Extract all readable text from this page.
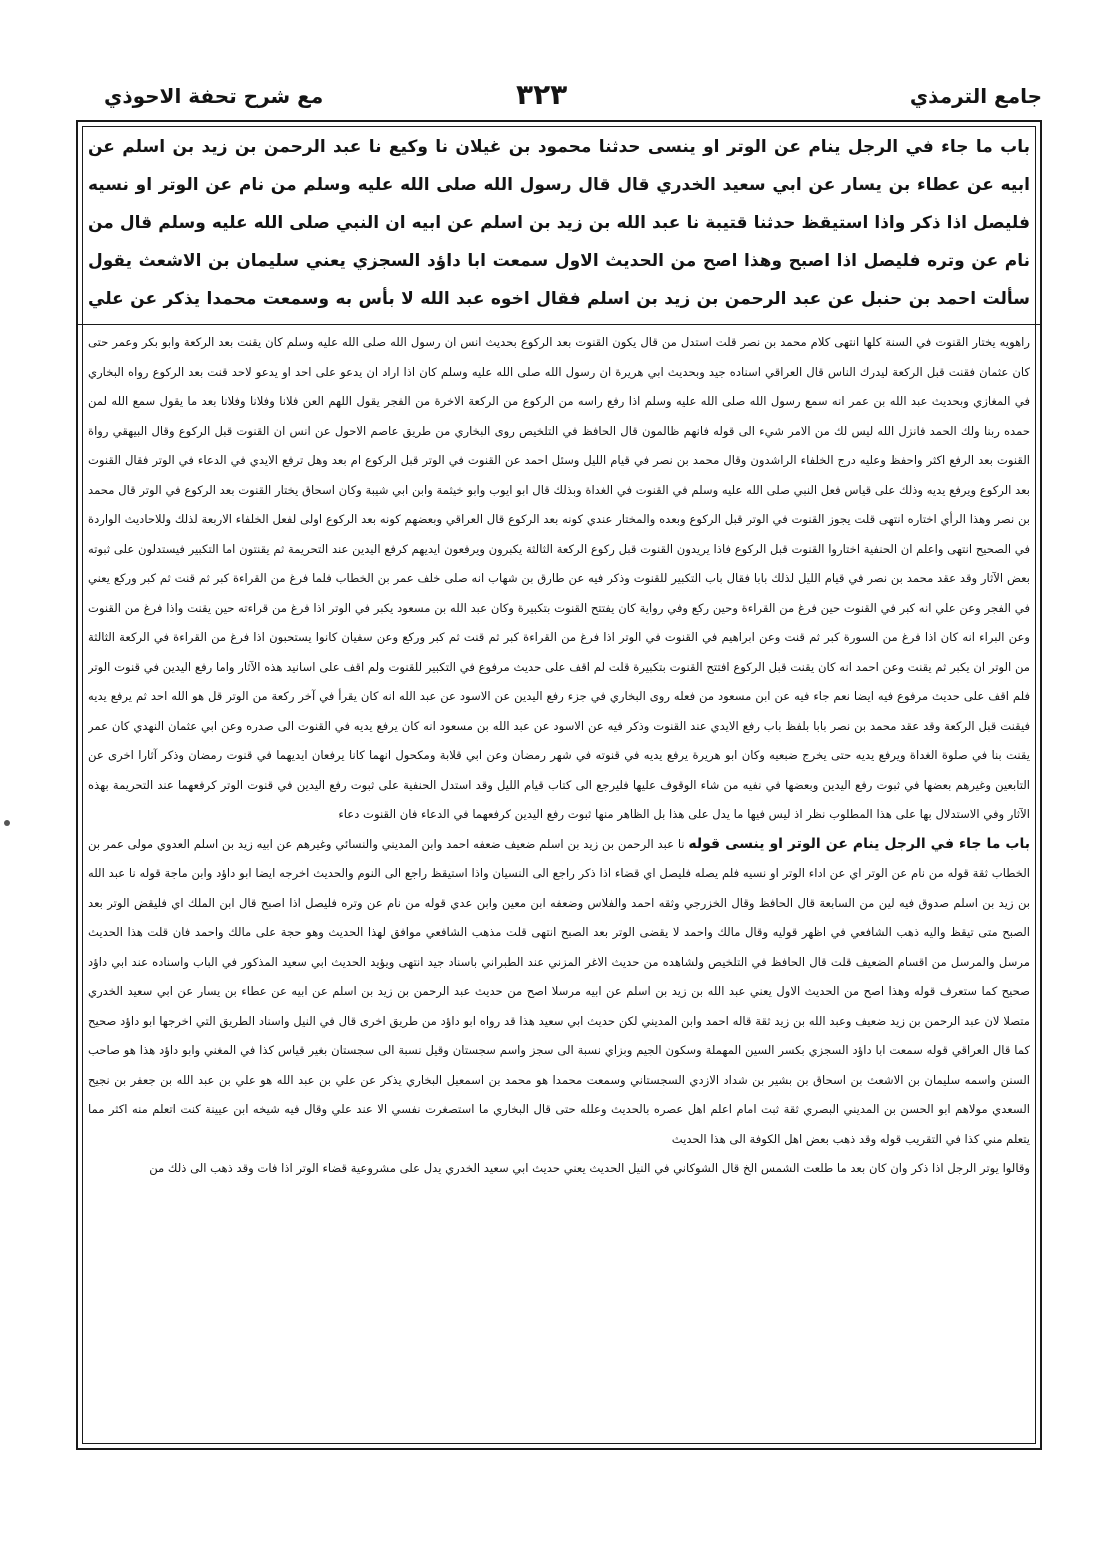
مع شرح تحفة الاحوذي	۳۲۳	جامع الترمذي

باب ما جاء في الرجل ينام عن الوتر او ينسى حدثنا محمود بن غيلان نا وكيع نا عبد الرحمن بن زيد بن اسلم عن ابيه عن عطاء بن يسار عن ابي سعيد الخدري قال قال رسول الله صلى الله عليه وسلم من نام عن الوتر او نسيه فليصل اذا ذكر واذا استيقظ حدثنا قتيبة نا عبد الله بن زيد بن اسلم عن ابيه ان النبي صلى الله عليه وسلم قال من نام عن وتره فليصل اذا اصبح وهذا اصح من الحديث الاول سمعت ابا داؤد السجزي يعني سليمان بن الاشعث يقول سألت احمد بن حنبل عن عبد الرحمن بن زيد بن اسلم فقال اخوه عبد الله لا بأس به وسمعت محمدا يذكر عن علي

راهويه يختار القنوت في السنة كلها انتهى كلام محمد بن نصر قلت استدل من قال يكون القنوت بعد الركوع بحديث انس ان رسول الله صلى الله عليه وسلم كان يقنت بعد الركعة وابو بكر وعمر حتى كان عثمان فقنت قبل الركعة ليدرك الناس قال العراقي اسناده جيد وبحديث ابي هريرة ان رسول الله صلى الله عليه وسلم كان اذا اراد ان يدعو على احد او يدعو لاحد قنت بعد الركوع رواه البخاري في المغازي وبحديث عبد الله بن عمر انه سمع رسول الله صلى الله عليه وسلم اذا رفع راسه من الركوع من الركعة الاخرة من الفجر يقول اللهم العن فلانا وفلانا وفلانا بعد ما يقول سمع الله لمن حمده ربنا ولك الحمد فانزل الله ليس لك من الامر شيء الى قوله فانهم ظالمون قال الحافظ في التلخيص روى البخاري من طريق عاصم الاحول عن انس ان القنوت قبل الركوع وقال البيهقي رواة القنوت بعد الرفع اكثر واحفظ وعليه درج الخلفاء الراشدون وقال محمد بن نصر في قيام الليل وسئل احمد عن القنوت في الوتر قبل الركوع ام بعد وهل ترفع الايدي في الدعاء في الوتر فقال القنوت بعد الركوع ويرفع يديه وذلك على قياس فعل النبي صلى الله عليه وسلم في القنوت في الغداة وبذلك قال ابو ايوب وابو خيثمة وابن ابي شيبة وكان اسحاق يختار القنوت بعد الركوع في الوتر قال محمد بن نصر وهذا الرأي اختاره انتهى قلت يجوز القنوت في الوتر قبل الركوع وبعده والمختار عندي كونه بعد الركوع قال العراقي وبعضهم كونه بعد الركوع اولى لفعل الخلفاء الاربعة لذلك وللاحاديث الواردة في الصحيح انتهى واعلم ان الحنفية اختاروا القنوت قبل الركوع فاذا يريدون القنوت قبل ركوع الركعة الثالثة يكبرون ويرفعون ايديهم كرفع اليدين عند التحريمة ثم يقنتون اما التكبير فيستدلون على ثبوته بعض الآثار وقد عقد محمد بن نصر في قيام الليل لذلك بابا فقال باب التكبير للقنوت وذكر فيه عن طارق بن شهاب انه صلى خلف عمر بن الخطاب فلما فرغ من القراءة كبر ثم قنت ثم كبر وركع يعني في الفجر وعن علي انه كبر في القنوت حين فرغ من القراءة وحين ركع وفي رواية كان يفتتح القنوت بتكبيرة وكان عبد الله بن مسعود يكبر في الوتر اذا فرغ من قراءته حين يقنت واذا فرغ من القنوت وعن البراء انه كان اذا فرغ من السورة كبر ثم قنت وعن ابراهيم في القنوت في الوتر اذا فرغ من القراءة كبر ثم قنت ثم كبر وركع وعن سفيان كانوا يستحبون اذا فرغ من القراءة في الركعة الثالثة من الوتر ان يكبر ثم يقنت وعن احمد انه كان يقنت قبل الركوع افتتح القنوت بتكبيرة قلت لم اقف على حديث مرفوع في التكبير للقنوت ولم اقف على اسانيد هذه الآثار واما رفع اليدين في قنوت الوتر فلم اقف على حديث مرفوع فيه ايضا نعم جاء فيه عن ابن مسعود من فعله روى البخاري في جزء رفع اليدين عن الاسود عن عبد الله انه كان يقرأ في آخر ركعة من الوتر قل هو الله احد ثم يرفع يديه فيقنت قبل الركعة وقد عقد محمد بن نصر بابا بلفظ باب رفع الايدي عند القنوت وذكر فيه عن الاسود عن عبد الله بن مسعود انه كان يرفع يديه في القنوت الى صدره وعن ابي عثمان النهدي كان عمر يقنت بنا في صلوة الغداة ويرفع يديه حتى يخرج ضبعيه وكان ابو هريرة يرفع يديه في قنوته في شهر رمضان وعن ابي قلابة ومكحول انهما كانا يرفعان ايديهما في قنوت رمضان وذكر آثارا اخرى عن التابعين وغيرهم بعضها في ثبوت رفع اليدين وبعضها في نفيه من شاء الوقوف عليها فليرجع الى كتاب قيام الليل وقد استدل الحنفية على ثبوت رفع اليدين في قنوت الوتر كرفعهما عند التحريمة بهذه الآثار وفي الاستدلال بها على هذا المطلوب نظر اذ ليس فيها ما يدل على هذا بل الظاهر منها ثبوت رفع اليدين كرفعهما في الدعاء فان القنوت دعاء

باب ما جاء في الرجل ينام عن الوتر او ينسى قوله نا عبد الرحمن بن زيد بن اسلم ضعيف ضعفه احمد وابن المديني والنسائي وغيرهم عن ابيه زيد بن اسلم العدوي مولى عمر بن الخطاب ثقة قوله من نام عن الوتر اي عن اداء الوتر او نسيه فلم يصله فليصل اي قضاء اذا ذكر راجع الى النسيان واذا استيقظ راجع الى النوم والحديث اخرجه ايضا ابو داؤد وابن ماجة قوله نا عبد الله بن زيد بن اسلم صدوق فيه لين من السابعة قال الحافظ وقال الخزرجي وثقه احمد والفلاس وضعفه ابن معين وابن عدي قوله من نام عن وتره فليصل اذا اصبح قال ابن الملك اي فليقض الوتر بعد الصبح متى تيقظ واليه ذهب الشافعي في اظهر قوليه وقال مالك واحمد لا يقضى الوتر بعد الصبح انتهى قلت مذهب الشافعي موافق لهذا الحديث وهو حجة على مالك واحمد فان قلت هذا الحديث مرسل والمرسل من اقسام الضعيف قلت قال الحافظ في التلخيص ولشاهده من حديث الاغر المزني عند الطبراني باسناد جيد انتهى ويؤيد الحديث ابي سعيد المذكور في الباب واسناده عند ابي داؤد صحيح كما ستعرف قوله وهذا اصح من الحديث الاول يعني عبد الله بن زيد بن اسلم عن ابيه مرسلا اصح من حديث عبد الرحمن بن زيد بن اسلم عن ابيه عن عطاء بن يسار عن ابي سعيد الخدري متصلا لان عبد الرحمن بن زيد ضعيف وعبد الله بن زيد ثقة قاله احمد وابن المديني لكن حديث ابي سعيد هذا قد رواه ابو داؤد من طريق اخرى قال في النيل واسناد الطريق التي اخرجها ابو داؤد صحيح كما قال العراقي قوله سمعت ابا داؤد السجزي بكسر السين المهملة وسكون الجيم وبزاي نسبة الى سجز واسم سجستان وقيل نسبة الى سجستان بغير قياس كذا في المغني وابو داؤد هذا هو صاحب السنن واسمه سليمان بن الاشعث بن اسحاق بن بشير بن شداد الازدي السجستاني وسمعت محمدا هو محمد بن اسمعيل البخاري يذكر عن علي بن عبد الله هو علي بن عبد الله بن جعفر بن نجيح السعدي مولاهم ابو الحسن بن المديني البصري ثقة ثبت امام اعلم اهل عصره بالحديث وعلله حتى قال البخاري ما استصغرت نفسي الا عند علي وقال فيه شيخه ابن عيينة كنت اتعلم منه اكثر مما يتعلم مني كذا في التقريب قوله وقد ذهب بعض اهل الكوفة الى هذا الحديث

وقالوا يوتر الرجل اذا ذكر وان كان بعد ما طلعت الشمس الخ قال الشوكاني في النيل الحديث يعني حديث ابي سعيد الخدري يدل على مشروعية قضاء الوتر اذا فات وقد ذهب الى ذلك من
